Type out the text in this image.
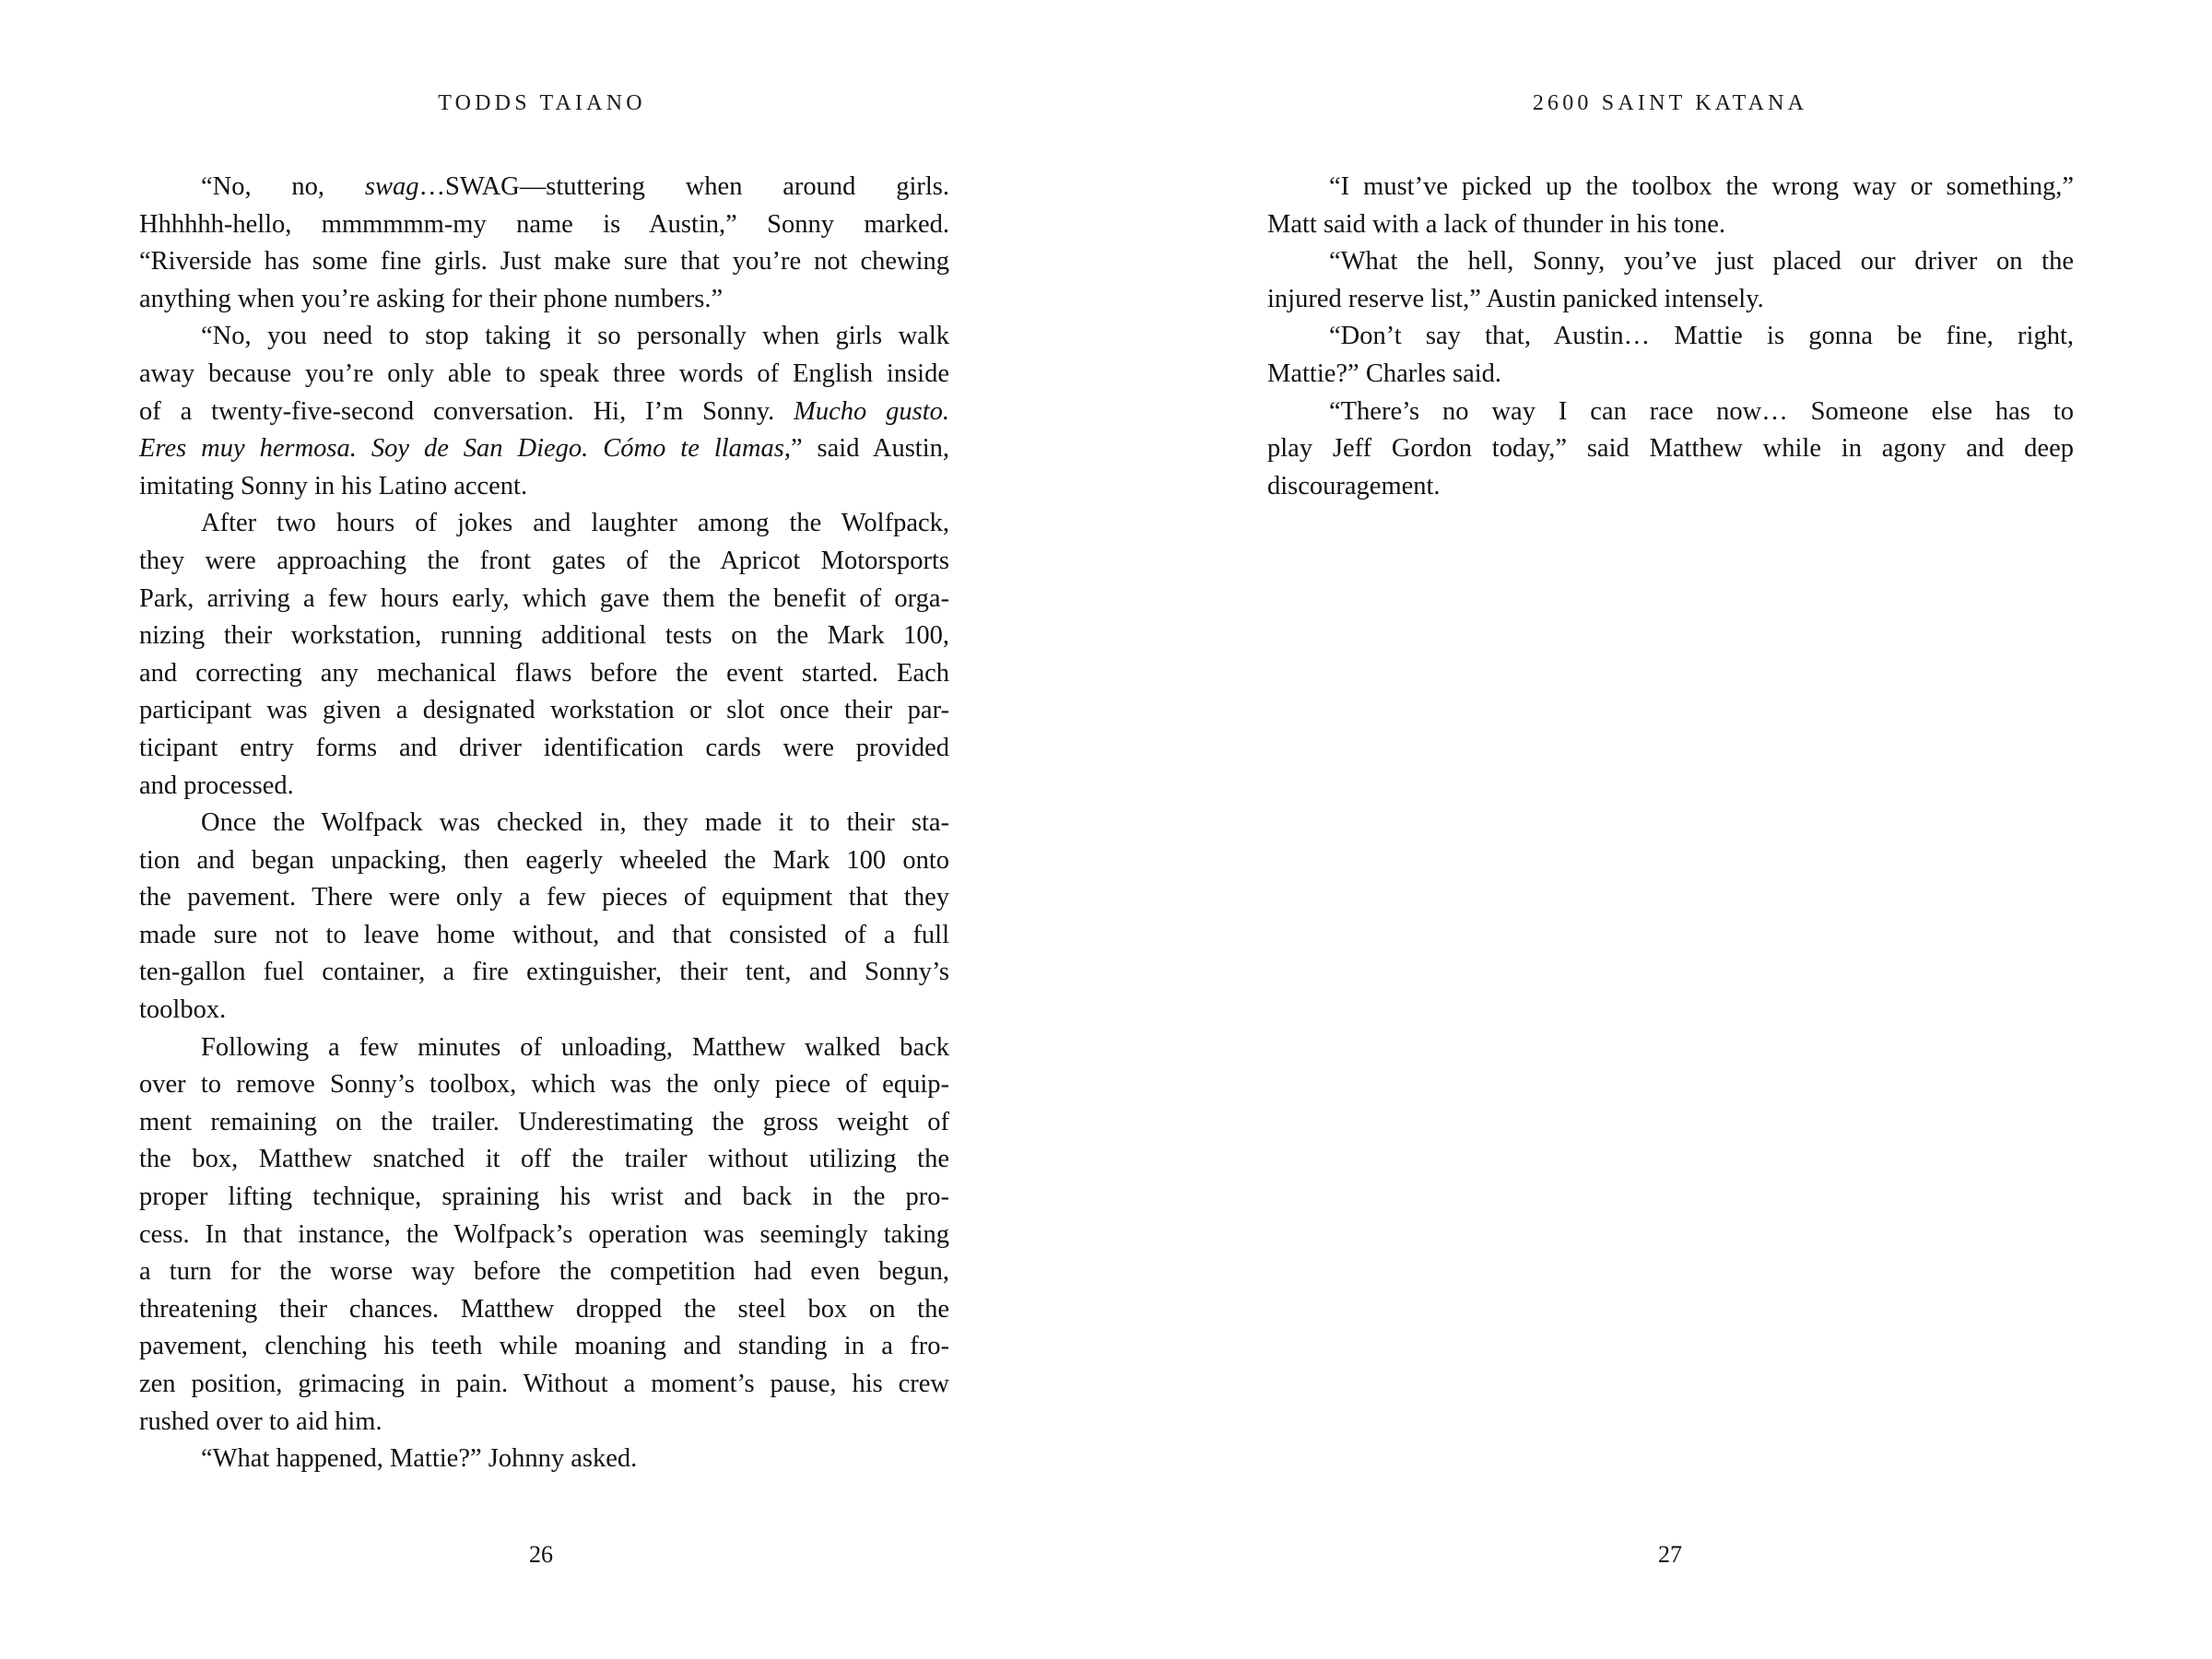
TODDS TAIANO
“No, no, swag…SWAG—stuttering when around girls.
Hhhhhh-hello, mmmmmm-my name is Austin,” Sonny marked.
“Riverside has some fine girls. Just make sure that you’re not chewing
anything when you’re asking for their phone numbers.”
“No, you need to stop taking it so personally when girls walk
away because you’re only able to speak three words of English inside
of a twenty-five-second conversation. Hi, I’m Sonny. Mucho gusto.
Eres muy hermosa. Soy de San Diego. Cómo te llamas,” said Austin,
imitating Sonny in his Latino accent.
After two hours of jokes and laughter among the Wolfpack,
they were approaching the front gates of the Apricot Motorsports
Park, arriving a few hours early, which gave them the benefit of orga-
nizing their workstation, running additional tests on the Mark 100,
and correcting any mechanical flaws before the event started. Each
participant was given a designated workstation or slot once their par-
ticipant entry forms and driver identification cards were provided
and processed.
Once the Wolfpack was checked in, they made it to their sta-
tion and began unpacking, then eagerly wheeled the Mark 100 onto
the pavement. There were only a few pieces of equipment that they
made sure not to leave home without, and that consisted of a full
ten-gallon fuel container, a fire extinguisher, their tent, and Sonny’s
toolbox.
Following a few minutes of unloading, Matthew walked back
over to remove Sonny’s toolbox, which was the only piece of equip-
ment remaining on the trailer. Underestimating the gross weight of
the box, Matthew snatched it off the trailer without utilizing the
proper lifting technique, spraining his wrist and back in the pro-
cess. In that instance, the Wolfpack’s operation was seemingly taking
a turn for the worse way before the competition had even begun,
threatening their chances. Matthew dropped the steel box on the
pavement, clenching his teeth while moaning and standing in a fro-
zen position, grimacing in pain. Without a moment’s pause, his crew
rushed over to aid him.
“What happened, Mattie?” Johnny asked.
26
2600 SAINT KATANA
“I must’ve picked up the toolbox the wrong way or something,”
Matt said with a lack of thunder in his tone.
“What the hell, Sonny, you’ve just placed our driver on the
injured reserve list,” Austin panicked intensely.
“Don’t say that, Austin… Mattie is gonna be fine, right,
Mattie?” Charles said.
“There’s no way I can race now… Someone else has to
play Jeff Gordon today,” said Matthew while in agony and deep
discouragement.
27
